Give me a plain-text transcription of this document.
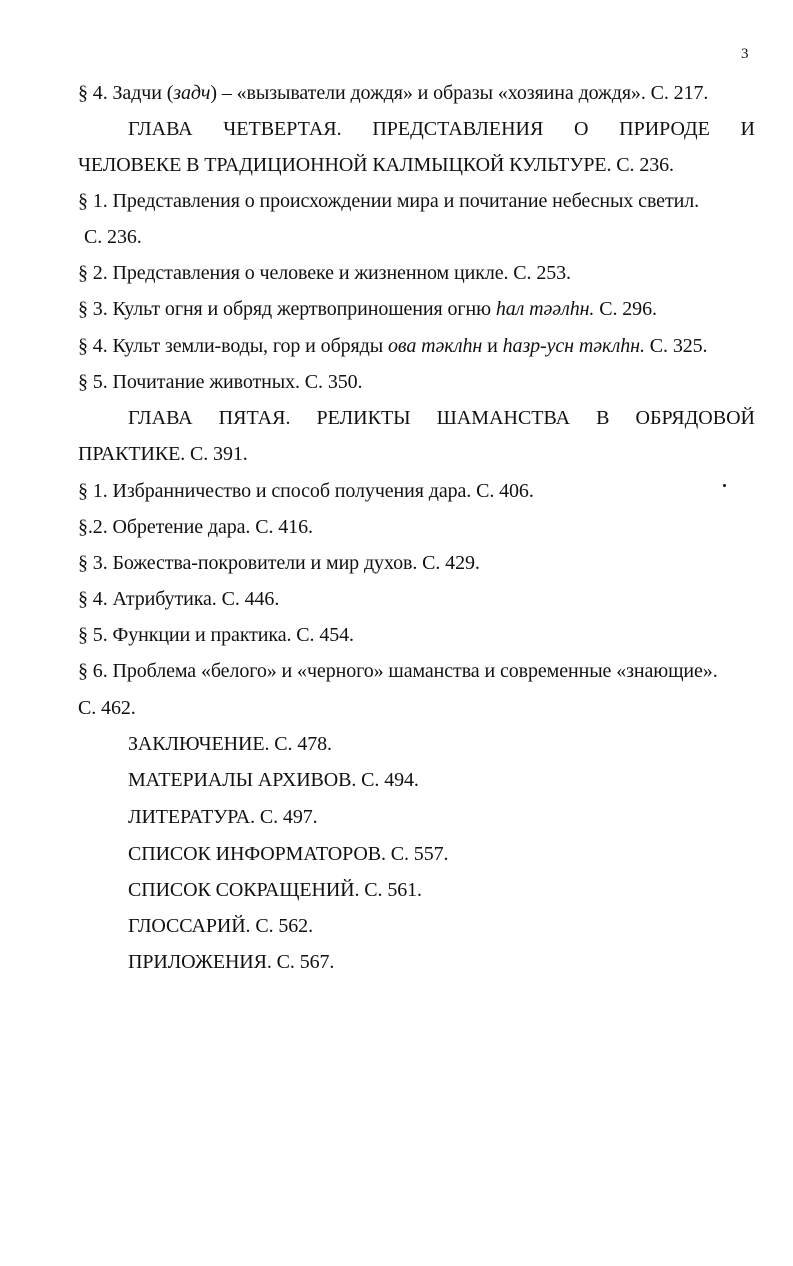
3
§ 4. Задчи (задч) – «вызыватели дождя» и образы «хозяина дождя». С. 217.
ГЛАВА ЧЕТВЕРТАЯ. ПРЕДСТАВЛЕНИЯ О ПРИРОДЕ И
ЧЕЛОВЕКЕ В ТРАДИЦИОННОЙ КАЛМЫЦКОЙ КУЛЬТУРЕ. С. 236.
§ 1. Представления о происхождении мира и почитание небесных светил.
С. 236.
§ 2. Представления о человеке и жизненном цикле. С. 253.
§ 3. Культ огня и обряд жертвоприношения огню һал тәәлһн. С. 296.
§ 4. Культ земли-воды, гор и обряды ова тәклһн и һазр-усн тәклһн. С. 325.
§ 5. Почитание животных. С. 350.
ГЛАВА ПЯТАЯ. РЕЛИКТЫ ШАМАНСТВА В ОБРЯДОВОЙ
ПРАКТИКЕ. С. 391.
§ 1. Избранничество и способ получения дара. С. 406.
§.2. Обретение дара. С. 416.
§ 3. Божества-покровители и мир духов. С. 429.
§ 4. Атрибутика. С. 446.
§ 5. Функции и практика. С. 454.
§ 6. Проблема «белого» и «черного» шаманства и современные «знающие».
С. 462.
ЗАКЛЮЧЕНИЕ. С. 478.
МАТЕРИАЛЫ АРХИВОВ. С. 494.
ЛИТЕРАТУРА. С. 497.
СПИСОК ИНФОРМАТОРОВ. С. 557.
СПИСОК СОКРАЩЕНИЙ. С. 561.
ГЛОССАРИЙ. С. 562.
ПРИЛОЖЕНИЯ. С. 567.
